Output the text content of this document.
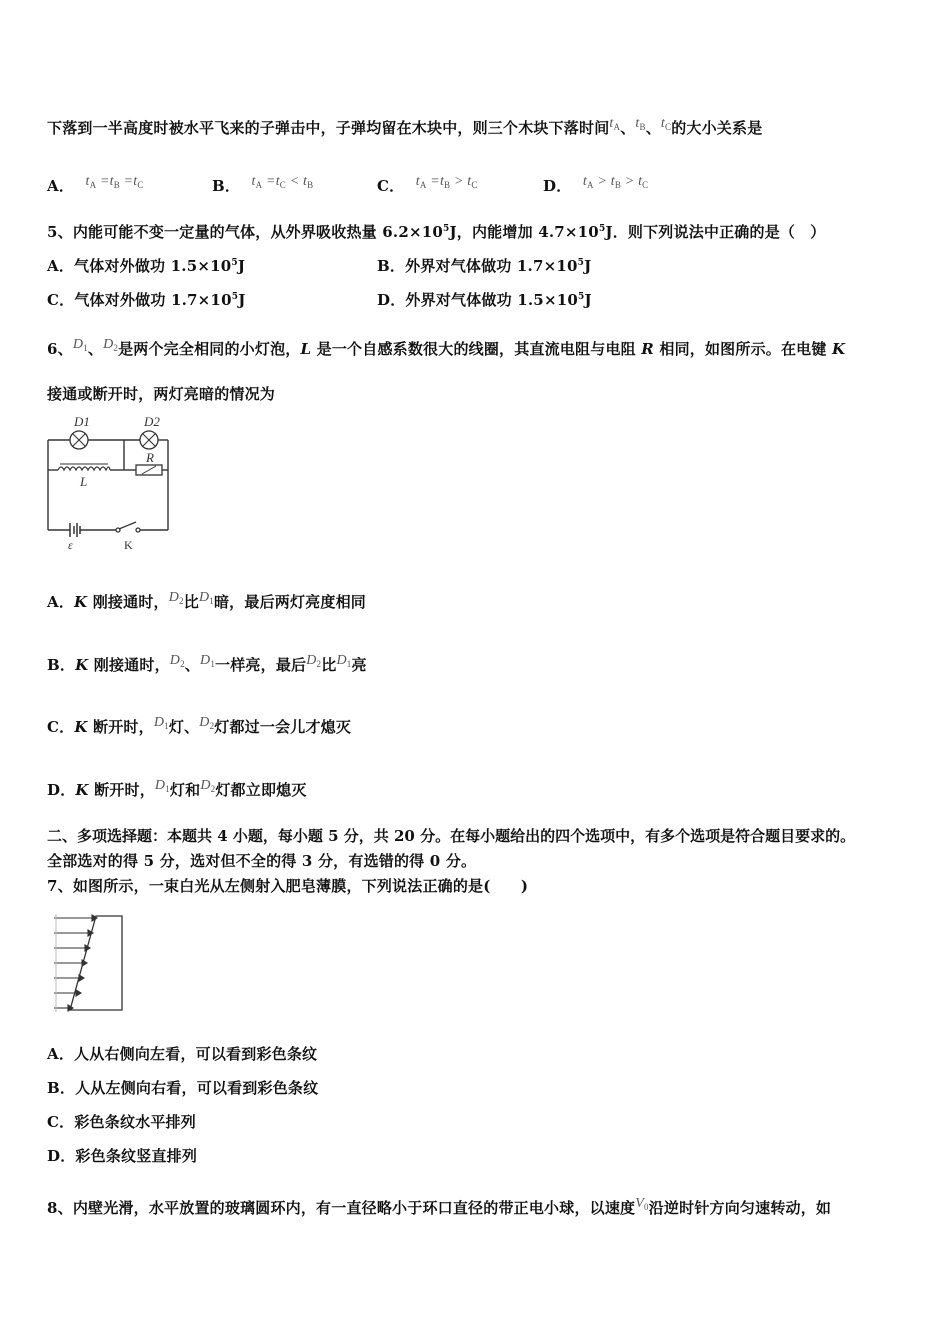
下落到一半高度时被水平飞来的子弹击中，子弹均留在木块中，则三个木块下落时间$t_A$、$t_B$、$t_C$的大小关系是
A． $t_A =t_B =t_C$	B． $t_A =t_C < t_B$	C． $t_A =t_B > t_C$	D． $t_A > t_B > t_C$
5、内能可能不变一定量的气体，从外界吸收热量 $6.2\times 10^5J$，内能增加 $4.7\times 10^5J$．则下列说法中正确的是（　）
A．气体对外做功 $1.5\times 10^5J$	B．外界对气体做功 $1.7\times 10^5J$
C．气体对外做功 $1.7\times 10^5J$	D．外界对气体做功 $1.5\times 10^5J$
6、$D_1$、$D_2$是两个完全相同的小灯泡，L 是一个自感系数很大的线圈，其直流电阻与电阻 R 相同，如图所示。在电键 K
接通或断开时，两灯亮暗的情况为
D1	D2
L
R
K
ε
A．K 刚接通时，$D_2$比$D_1$暗，最后两灯亮度相同
B．K 刚接通时，$D_2$、$D_1$一样亮，最后$D_2$比$D_1$亮
C．K 断开时，$D_1$灯、$D_2$灯都过一会儿才熄灭
D．K 断开时，$D_1$灯和$D_2$灯都立即熄灭
二、多项选择题：本题共 4 小题，每小题 5 分，共 20 分。在每小题给出的四个选项中，有多个选项是符合题目要求的。
全部选对的得 5 分，选对但不全的得 3 分，有选错的得 0 分。
7、如图所示，一束白光从左侧射入肥皂薄膜，下列说法正确的是(　　)
A．人从右侧向左看，可以看到彩色条纹
B．人从左侧向右看，可以看到彩色条纹
C．彩色条纹水平排列
D．彩色条纹竖直排列
8、内壁光滑，水平放置的玻璃圆环内，有一直径略小于环口直径的带正电小球，以速度$V_0$沿逆时针方向匀速转动，如
